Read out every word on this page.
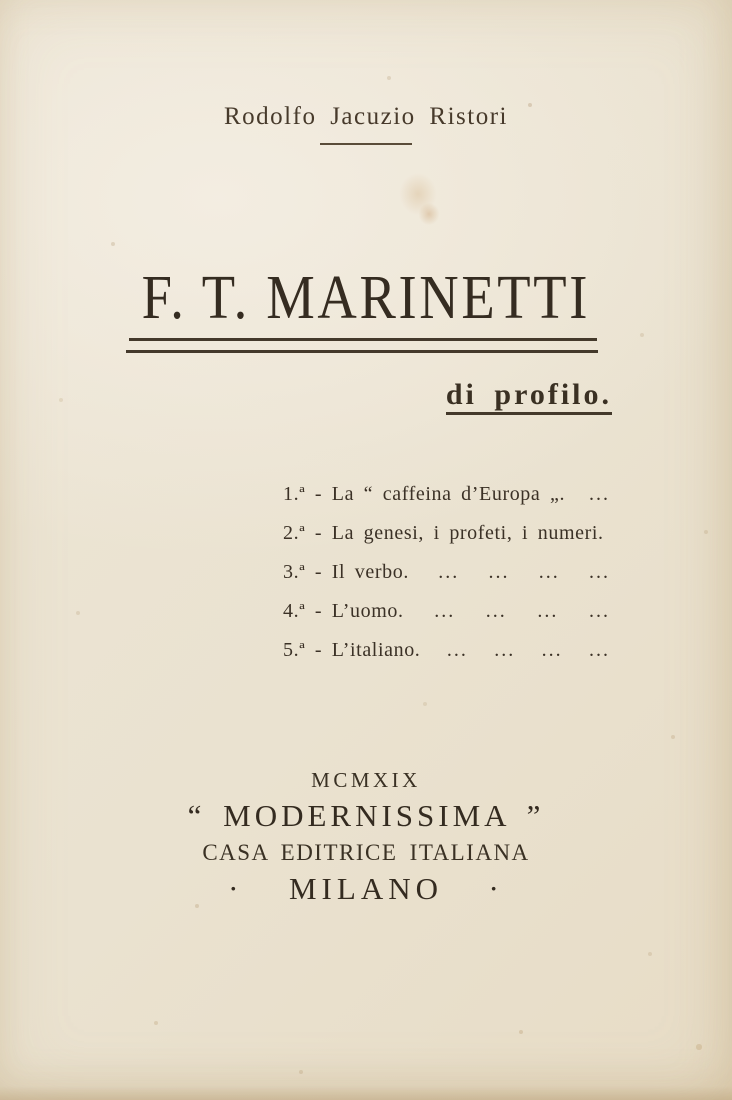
Rodolfo Jacuzio Ristori
F. T. MARINETTI
di profilo.
1.ª - La “ caffeina d’Europa „.	...
2.ª - La genesi, i profeti, i numeri.
3.ª - Il verbo.	...	...	...	...
4.ª - L’uomo.	...	...	...	...
5.ª - L’italiano.	...	...	...	...
MCMXIX
“ MODERNISSIMA ”
CASA EDITRICE ITALIANA
·  MILANO  ·
